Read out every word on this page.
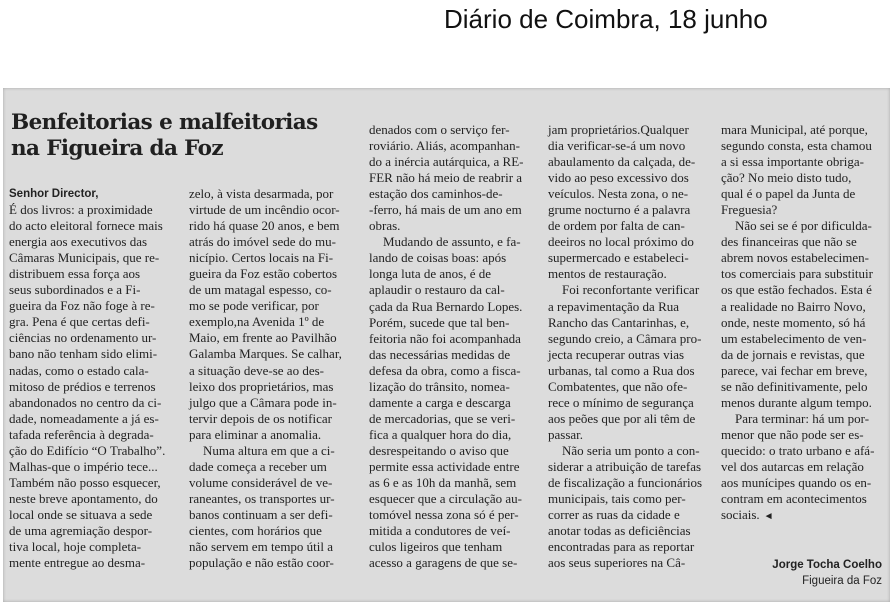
Diário de Coimbra, 18 junho
Benfeitorias e malfeitorias
na Figueira da Foz
Senhor Director,
É dos livros: a proximidade
do acto eleitoral fornece mais
energia aos executivos das
Câmaras Municipais, que re-
distribuem essa força aos
seus subordinados e a Fi-
gueira da Foz não foge à re-
gra. Pena é que certas defi-
ciências no ordenamento ur-
bano não tenham sido elimi-
nadas, como o estado cala-
mitoso de prédios e terrenos
abandonados no centro da ci-
dade, nomeadamente a já es-
tafada referência à degrada-
ção do Edifício “O Trabalho”.
Malhas-que o império tece...
Também não posso esquecer,
neste breve apontamento, do
local onde se situava a sede
de uma agremiação despor-
tiva local, hoje completa-
mente entregue ao desma-
zelo, à vista desarmada, por
virtude de um incêndio ocor-
rido há quase 20 anos, e bem
atrás do imóvel sede do mu-
nicípio. Certos locais na Fi-
gueira da Foz estão cobertos
de um matagal espesso, co-
mo se pode verificar, por
exemplo,na Avenida 1º de
Maio, em frente ao Pavilhão
Galamba Marques. Se calhar,
a situação deve-se ao des-
leixo dos proprietários, mas
julgo que a Câmara pode in-
tervir depois de os notificar
para eliminar a anomalia.
Numa altura em que a ci-
dade começa a receber um
volume considerável de ve-
raneantes, os transportes ur-
banos continuam a ser defi-
cientes, com horários que
não servem em tempo útil a
população e não estão coor-
denados com o serviço fer-
roviário. Aliás, acompanhan-
do a inércia autárquica, a RE-
FER não há meio de reabrir a
estação dos caminhos-de-
-ferro, há mais de um ano em
obras.
Mudando de assunto, e fa-
lando de coisas boas: após
longa luta de anos, é de
aplaudir o restauro da cal-
çada da Rua Bernardo Lopes.
Porém, sucede que tal ben-
feitoria não foi acompanhada
das necessárias medidas de
defesa da obra, como a fisca-
lização do trânsito, nomea-
damente a carga e descarga
de mercadorias, que se veri-
fica a qualquer hora do dia,
desrespeitando o aviso que
permite essa actividade entre
as 6 e as 10h da manhã, sem
esquecer que a circulação au-
tomóvel nessa zona só é per-
mitida a condutores de veí-
culos ligeiros que tenham
acesso a garagens de que se-
jam proprietários.Qualquer
dia verificar-se-á um novo
abaulamento da calçada, de-
vido ao peso excessivo dos
veículos. Nesta zona, o ne-
grume nocturno é a palavra
de ordem por falta de can-
deeiros no local próximo do
supermercado e estabeleci-
mentos de restauração.
Foi reconfortante verificar
a repavimentação da Rua
Rancho das Cantarinhas, e,
segundo creio, a Câmara pro-
jecta recuperar outras vias
urbanas, tal como a Rua dos
Combatentes, que não ofe-
rece o mínimo de segurança
aos peões que por ali têm de
passar.
Não seria um ponto a con-
siderar a atribuição de tarefas
de fiscalização a funcionários
municipais, tais como per-
correr as ruas da cidade e
anotar todas as deficiências
encontradas para as reportar
aos seus superiores na Câ-
mara Municipal, até porque,
segundo consta, esta chamou
a si essa importante obriga-
ção? No meio disto tudo,
qual é o papel da Junta de
Freguesia?
Não sei se é por dificulda-
des financeiras que não se
abrem novos estabelecimen-
tos comerciais para substituir
os que estão fechados. Esta é
a realidade no Bairro Novo,
onde, neste momento, só há
um estabelecimento de ven-
da de jornais e revistas, que
parece, vai fechar em breve,
se não definitivamente, pelo
menos durante algum tempo.
Para terminar: há um por-
menor que não pode ser es-
quecido: o trato urbano e afá-
vel dos autarcas em relação
aos munícipes quando os en-
contram em acontecimentos
sociais. ◄
Jorge Tocha Coelho
Figueira da Foz
